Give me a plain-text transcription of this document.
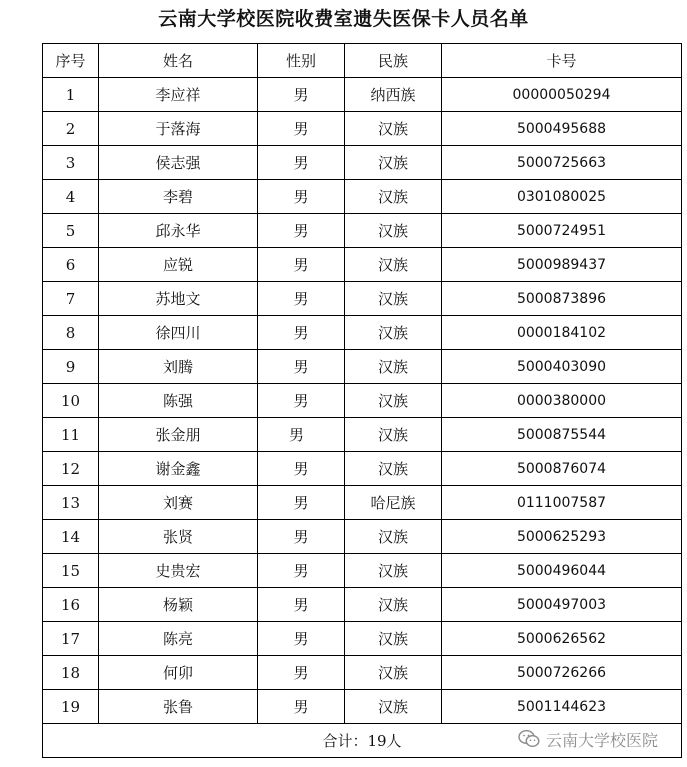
云南大学校医院收费室遗失医保卡人员名单
序号	姓名	性别	民族	卡号
1	李应祥	男	纳西族	00000050294
2	于落海	男	汉族	5000495688
3	侯志强	男	汉族	5000725663
4	李碧	男	汉族	0301080025
5	邱永华	男	汉族	5000724951
6	应锐	男	汉族	5000989437
7	苏地文	男	汉族	5000873896
8	徐四川	男	汉族	0000184102
9	刘腾	男	汉族	5000403090
10	陈强	男	汉族	0000380000
11	张金朋	男	汉族	5000875544
12	谢金鑫	男	汉族	5000876074
13	刘赛	男	哈尼族	0111007587
14	张贤	男	汉族	5000625293
15	史贵宏	男	汉族	5000496044
16	杨颖	男	汉族	5000497003
17	陈亮	男	汉族	5000626562
18	何卯	男	汉族	5000726266
19	张鲁	男	汉族	5001144623
合计：19人					云南大学校医院
